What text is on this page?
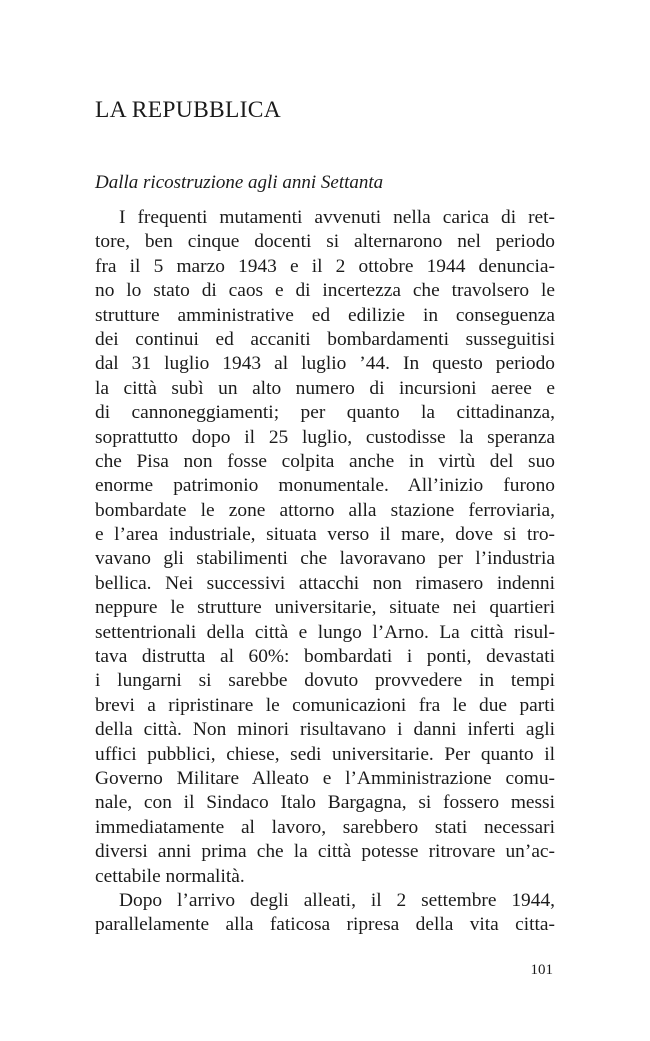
LA REPUBBLICA
Dalla ricostruzione agli anni Settanta
I frequenti mutamenti avvenuti nella carica di ret-
tore, ben cinque docenti si alternarono nel periodo
fra il 5 marzo 1943 e il 2 ottobre 1944 denuncia-
no lo stato di caos e di incertezza che travolsero le
strutture amministrative ed edilizie in conseguenza
dei continui ed accaniti bombardamenti susseguitisi
dal 31 luglio 1943 al luglio ’44. In questo periodo
la città subì un alto numero di incursioni aeree e
di cannoneggiamenti; per quanto la cittadinanza,
soprattutto dopo il 25 luglio, custodisse la speranza
che Pisa non fosse colpita anche in virtù del suo
enorme patrimonio monumentale. All’inizio furono
bombardate le zone attorno alla stazione ferroviaria,
e l’area industriale, situata verso il mare, dove si tro-
vavano gli stabilimenti che lavoravano per l’industria
bellica. Nei successivi attacchi non rimasero indenni
neppure le strutture universitarie, situate nei quartieri
settentrionali della città e lungo l’Arno. La città risul-
tava distrutta al 60%: bombardati i ponti, devastati
i lungarni si sarebbe dovuto provvedere in tempi
brevi a ripristinare le comunicazioni fra le due parti
della città. Non minori risultavano i danni inferti agli
uffici pubblici, chiese, sedi universitarie. Per quanto il
Governo Militare Alleato e l’Amministrazione comu-
nale, con il Sindaco Italo Bargagna, si fossero messi
immediatamente al lavoro, sarebbero stati necessari
diversi anni prima che la città potesse ritrovare un’ac-
cettabile normalità.
Dopo l’arrivo degli alleati, il 2 settembre 1944,
parallelamente alla faticosa ripresa della vita citta-
101
